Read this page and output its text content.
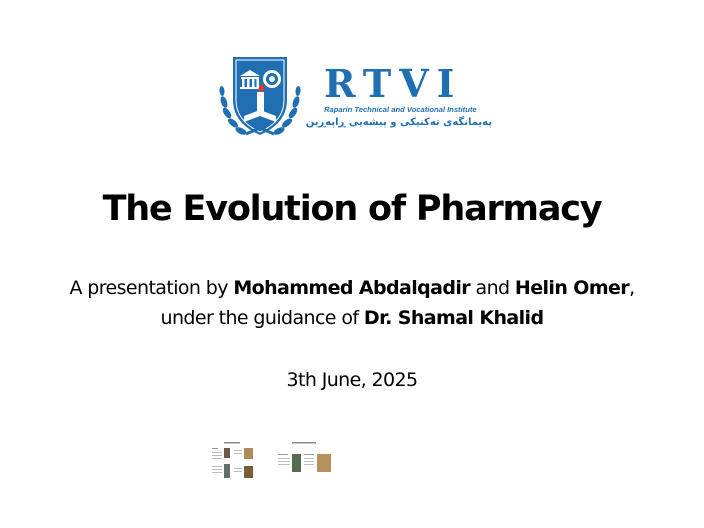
RTVI
Raparin Technical and Vocational Institute
پەیمانگەی تەکنیکی و پیشەیی ڕاپەڕین
The Evolution of Pharmacy
A presentation by Mohammed Abdalqadir and Helin Omer,
under the guidance of Dr. Shamal Khalid
3th June, 2025
